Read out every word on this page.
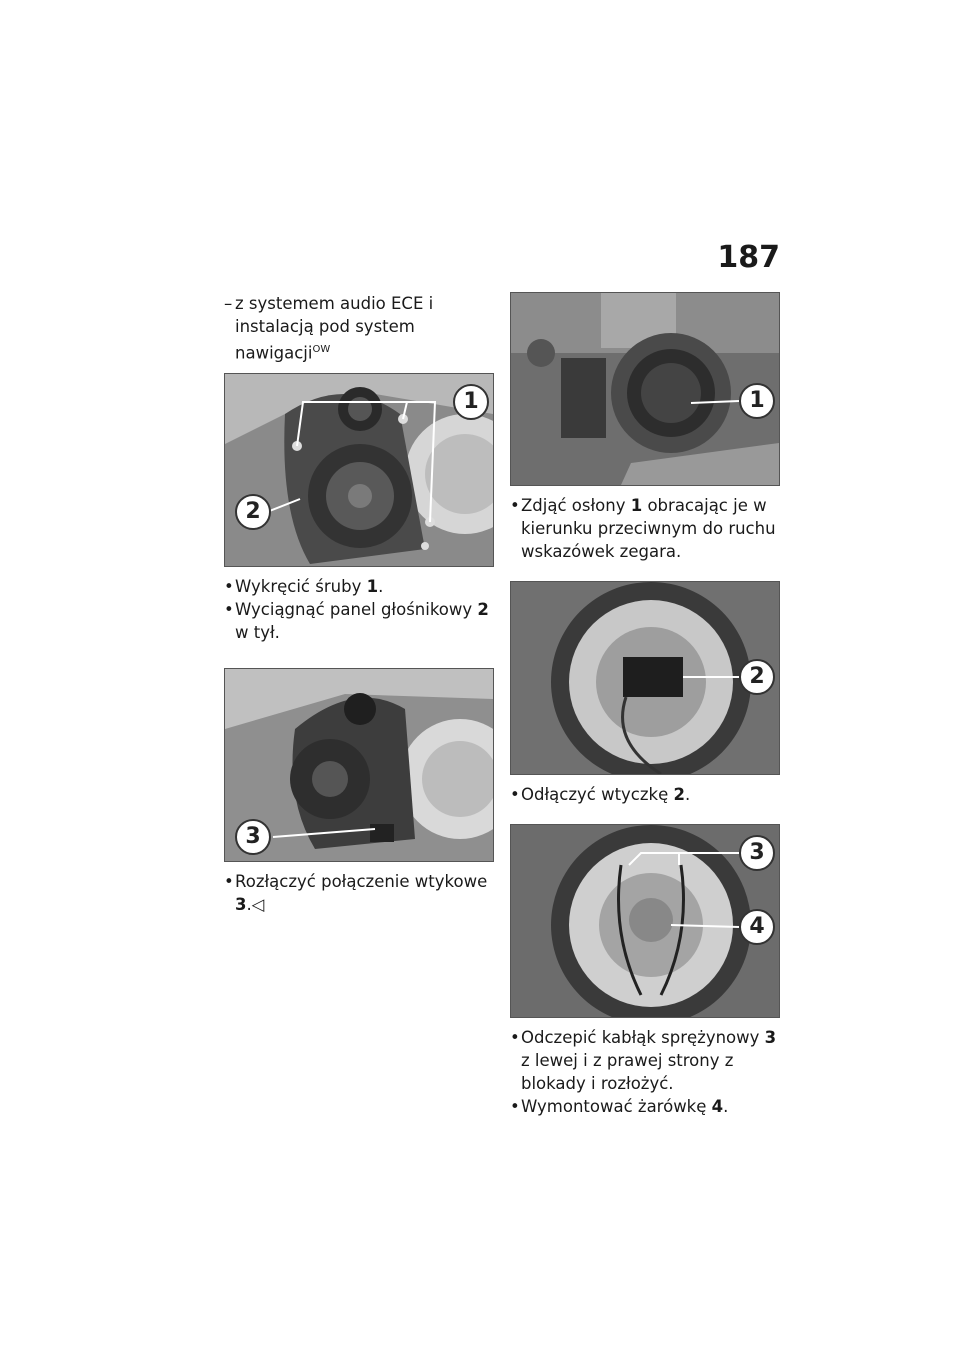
187
– z systemem audio ECE i instalacją pod system nawigacji$^{OW}$
1
2
• Wykręcić śruby 1.
• Wyciągnąć panel głośnikowy 2 w tył.
3
• Rozłączyć połączenie wtykowe 3.◁
1
• Zdjąć osłony 1 obracając je w kierunku przeciwnym do ruchu wskazówek zegara.
2
• Odłączyć wtyczkę 2.
3
4
• Odczepić kabłąk sprężynowy 3 z lewej i z prawej strony z blokady i rozłożyć.
• Wymontować żarówkę 4.
